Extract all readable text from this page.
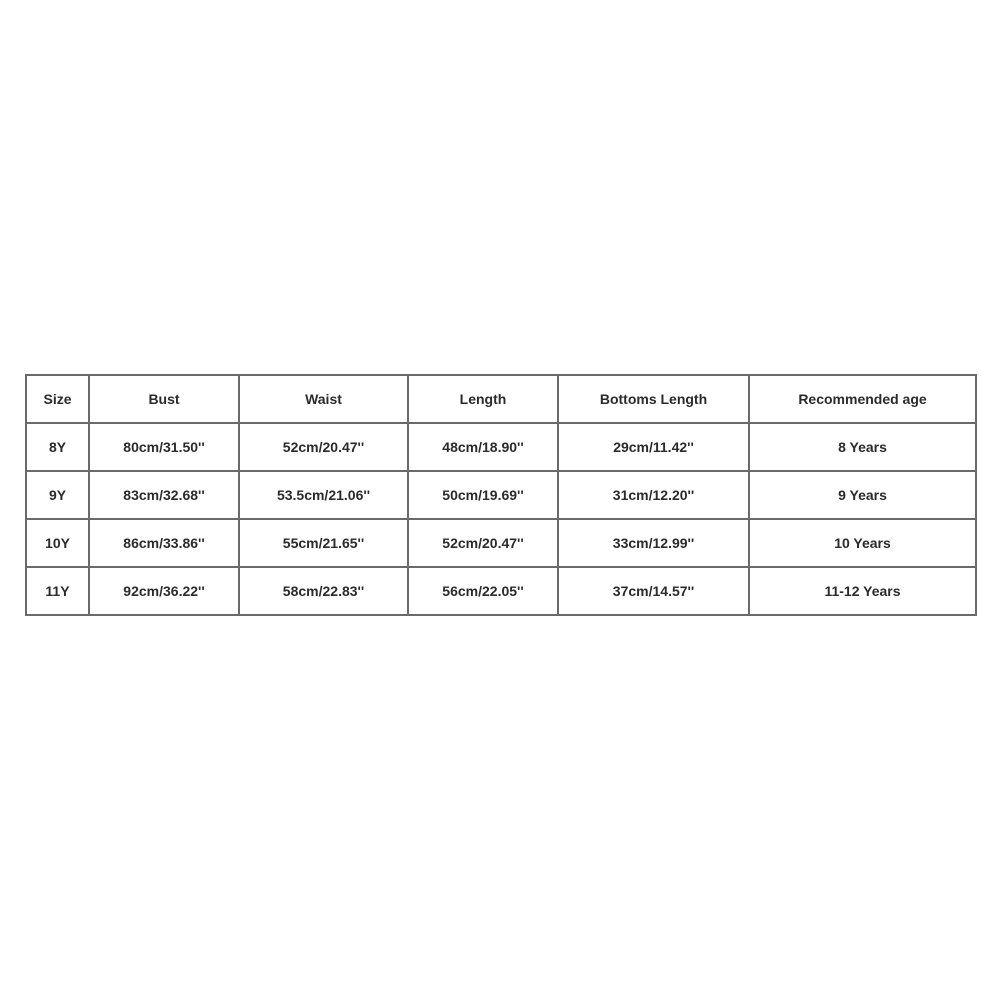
Size	Bust	Waist	Length	Bottoms Length	Recommended age
8Y	80cm/31.50''	52cm/20.47''	48cm/18.90''	29cm/11.42''	8 Years
9Y	83cm/32.68''	53.5cm/21.06''	50cm/19.69''	31cm/12.20''	9 Years
10Y	86cm/33.86''	55cm/21.65''	52cm/20.47''	33cm/12.99''	10 Years
11Y	92cm/36.22''	58cm/22.83''	56cm/22.05''	37cm/14.57''	11-12 Years
